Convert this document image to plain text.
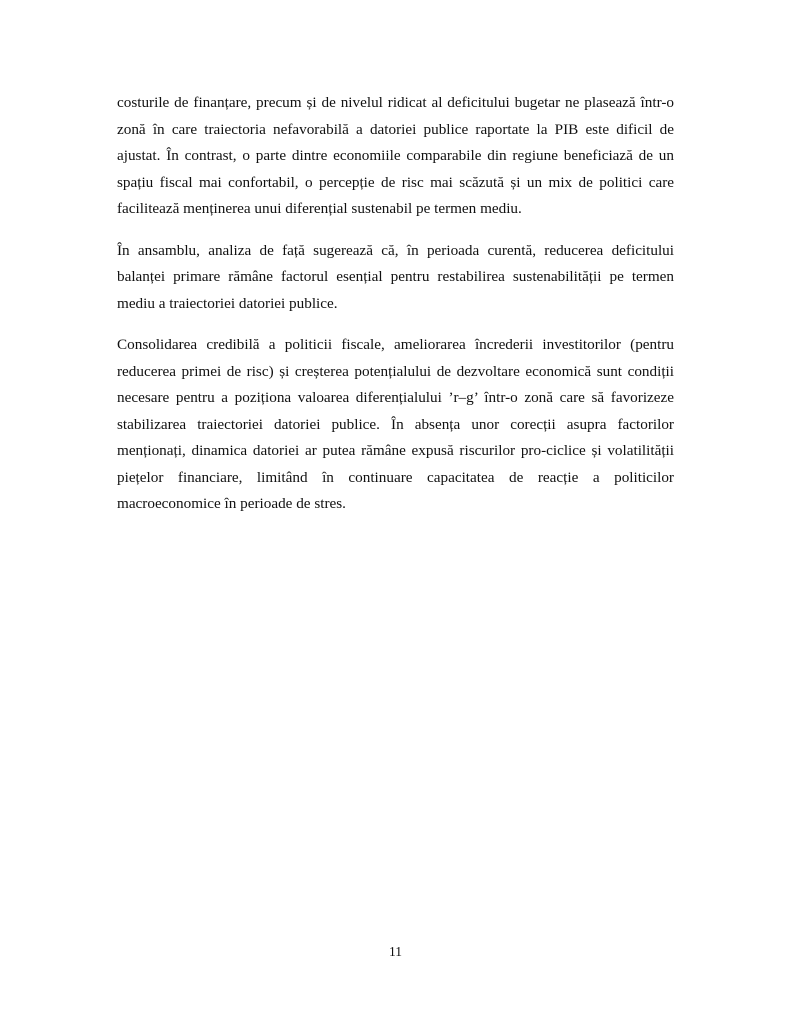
costurile de finanțare, precum și de nivelul ridicat al deficitului bugetar ne plasează într-o zonă în care traiectoria nefavorabilă a datoriei publice raportate la PIB este dificil de ajustat. În contrast, o parte dintre economiile comparabile din regiune beneficiază de un spațiu fiscal mai confortabil, o percepție de risc mai scăzută și un mix de politici care facilitează menținerea unui diferențial sustenabil pe termen mediu.

În ansamblu, analiza de față sugerează că, în perioada curentă, reducerea deficitului balanței primare rămâne factorul esențial pentru restabilirea sustenabilității pe termen mediu a traiectoriei datoriei publice.

Consolidarea credibilă a politicii fiscale, ameliorarea încrederii investitorilor (pentru reducerea primei de risc) și creșterea potențialului de dezvoltare economică sunt condiții necesare pentru a poziționa valoarea diferențialului ’r–g’ într-o zonă care să favorizeze stabilizarea traiectoriei datoriei publice. În absența unor corecții asupra factorilor menționați, dinamica datoriei ar putea rămâne expusă riscurilor pro-ciclice și volatilității piețelor financiare, limitând în continuare capacitatea de reacție a politicilor macroeconomice în perioade de stres.

11
